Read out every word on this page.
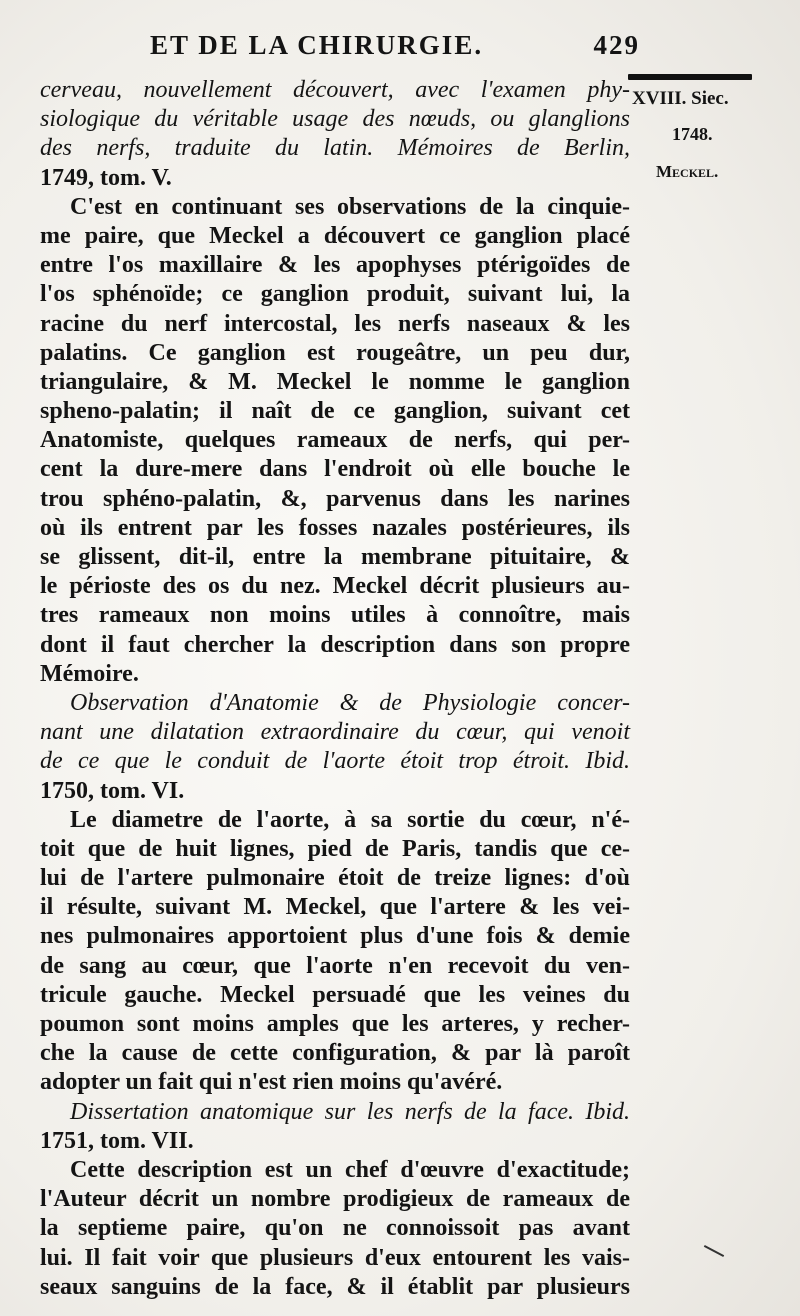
ET DE LA CHIRURGIE.	429
XVIII. Siec.
1748.
Meckel.
cerveau, nouvellement découvert, avec l'examen phy-
siologique du véritable usage des nœuds, ou glanglions
des nerfs, traduite du latin. Mémoires de Berlin,
1749, tom. V.
C'est en continuant ses observations de la cinquie-
me paire, que Meckel a découvert ce ganglion placé
entre l'os maxillaire & les apophyses ptérigoïdes de
l'os sphénoïde; ce ganglion produit, suivant lui, la
racine du nerf intercostal, les nerfs naseaux & les
palatins. Ce ganglion est rougeâtre, un peu dur,
triangulaire, & M. Meckel le nomme le ganglion
spheno-palatin; il naît de ce ganglion, suivant cet
Anatomiste, quelques rameaux de nerfs, qui per-
cent la dure-mere dans l'endroit où elle bouche le
trou sphéno-palatin, &, parvenus dans les narines
où ils entrent par les fosses nazales postérieures, ils
se glissent, dit-il, entre la membrane pituitaire, &
le périoste des os du nez. Meckel décrit plusieurs au-
tres rameaux non moins utiles à connoître, mais
dont il faut chercher la description dans son propre
Mémoire.
Observation d'Anatomie & de Physiologie concer-
nant une dilatation extraordinaire du cœur, qui venoit
de ce que le conduit de l'aorte étoit trop étroit. Ibid.
1750, tom. VI.
Le diametre de l'aorte, à sa sortie du cœur, n'é-
toit que de huit lignes, pied de Paris, tandis que ce-
lui de l'artere pulmonaire étoit de treize lignes: d'où
il résulte, suivant M. Meckel, que l'artere & les vei-
nes pulmonaires apportoient plus d'une fois & demie
de sang au cœur, que l'aorte n'en recevoit du ven-
tricule gauche. Meckel persuadé que les veines du
poumon sont moins amples que les arteres, y recher-
che la cause de cette configuration, & par là paroît
adopter un fait qui n'est rien moins qu'avéré.
Dissertation anatomique sur les nerfs de la face. Ibid.
1751, tom. VII.
Cette description est un chef d'œuvre d'exactitude;
l'Auteur décrit un nombre prodigieux de rameaux de
la septieme paire, qu'on ne connoissoit pas avant
lui. Il fait voir que plusieurs d'eux entourent les vais-
seaux sanguins de la face, & il établit par plusieurs
